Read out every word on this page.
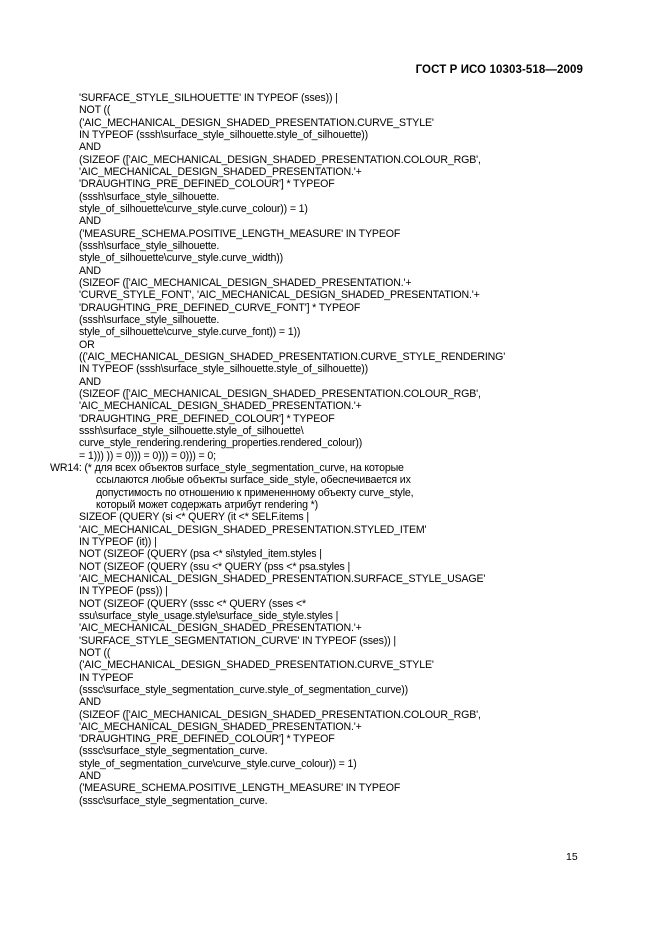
ГОСТ Р ИСО 10303-518—2009
'SURFACE_STYLE_SILHOUETTE' IN TYPEOF (sses)) |
NOT ((
('AIC_MECHANICAL_DESIGN_SHADED_PRESENTATION.CURVE_STYLE'
IN TYPEOF (sssh\surface_style_silhouette.style_of_silhouette))
AND
(SIZEOF (['AIC_MECHANICAL_DESIGN_SHADED_PRESENTATION.COLOUR_RGB',
'AIC_MECHANICAL_DESIGN_SHADED_PRESENTATION.'+
'DRAUGHTING_PRE_DEFINED_COLOUR'] * TYPEOF
(sssh\surface_style_silhouette.
style_of_silhouette\curve_style.curve_colour)) = 1)
AND
('MEASURE_SCHEMA.POSITIVE_LENGTH_MEASURE' IN TYPEOF
(sssh\surface_style_silhouette.
style_of_silhouette\curve_style.curve_width))
AND
(SIZEOF (['AIC_MECHANICAL_DESIGN_SHADED_PRESENTATION.'+
'CURVE_STYLE_FONT', 'AIC_MECHANICAL_DESIGN_SHADED_PRESENTATION.'+
'DRAUGHTING_PRE_DEFINED_CURVE_FONT'] * TYPEOF
(sssh\surface_style_silhouette.
style_of_silhouette\curve_style.curve_font)) = 1))
OR
(('AIC_MECHANICAL_DESIGN_SHADED_PRESENTATION.CURVE_STYLE_RENDERING'
IN TYPEOF (sssh\surface_style_silhouette.style_of_silhouette))
AND
(SIZEOF (['AIC_MECHANICAL_DESIGN_SHADED_PRESENTATION.COLOUR_RGB',
'AIC_MECHANICAL_DESIGN_SHADED_PRESENTATION.'+
'DRAUGHTING_PRE_DEFINED_COLOUR'] * TYPEOF
sssh\surface_style_silhouette.style_of_silhouette\
curve_style_rendering.rendering_properties.rendered_colour))
= 1))) )) = 0))) = 0))) = 0))) = 0;
WR14: (* для всех объектов surface_style_segmentation_curve, на которые
ссылаются любые объекты surface_side_style, обеспечивается их
допустимость по отношению к примененному объекту curve_style,
который может содержать атрибут rendering *)
SIZEOF (QUERY (si <* QUERY (it <* SELF.items |
'AIC_MECHANICAL_DESIGN_SHADED_PRESENTATION.STYLED_ITEM'
IN TYPEOF (it)) |
NOT (SIZEOF (QUERY (psa <* si\styled_item.styles |
NOT (SIZEOF (QUERY (ssu <* QUERY (pss <* psa.styles |
'AIC_MECHANICAL_DESIGN_SHADED_PRESENTATION.SURFACE_STYLE_USAGE'
IN TYPEOF (pss)) |
NOT (SIZEOF (QUERY (sssc <* QUERY (sses <*
ssu\surface_style_usage.style\surface_side_style.styles |
'AIC_MECHANICAL_DESIGN_SHADED_PRESENTATION.'+
'SURFACE_STYLE_SEGMENTATION_CURVE' IN TYPEOF (sses)) |
NOT ((
('AIC_MECHANICAL_DESIGN_SHADED_PRESENTATION.CURVE_STYLE'
IN TYPEOF
(sssc\surface_style_segmentation_curve.style_of_segmentation_curve))
AND
(SIZEOF (['AIC_MECHANICAL_DESIGN_SHADED_PRESENTATION.COLOUR_RGB',
'AIC_MECHANICAL_DESIGN_SHADED_PRESENTATION.'+
'DRAUGHTING_PRE_DEFINED_COLOUR'] * TYPEOF
(sssc\surface_style_segmentation_curve.
style_of_segmentation_curve\curve_style.curve_colour)) = 1)
AND
('MEASURE_SCHEMA.POSITIVE_LENGTH_MEASURE' IN TYPEOF
(sssc\surface_style_segmentation_curve.
15
